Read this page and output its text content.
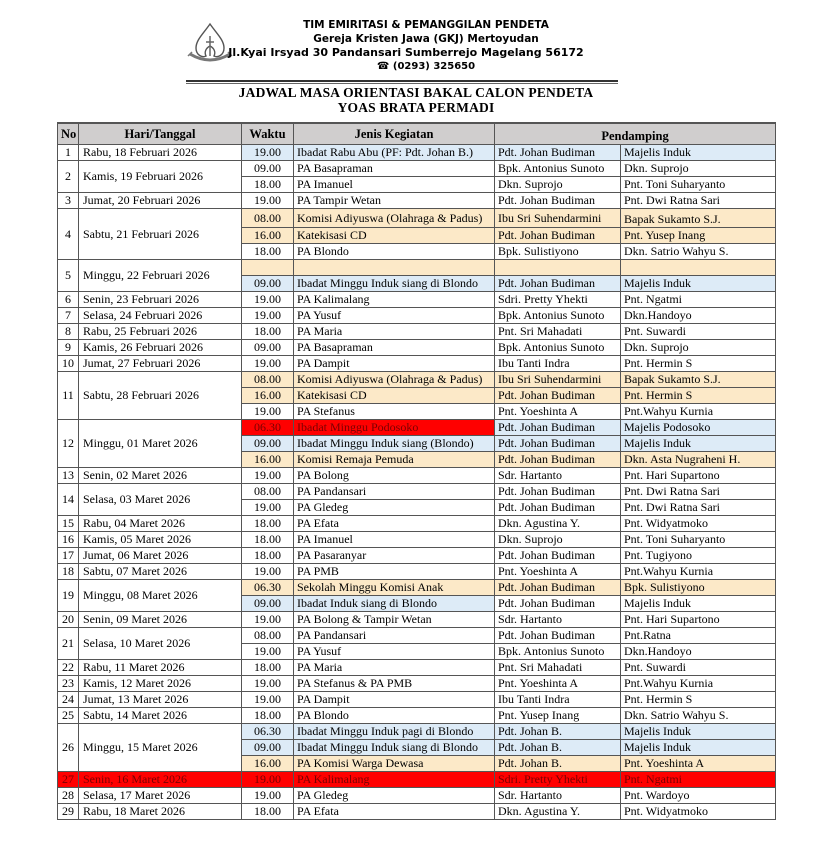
TIM EMIRITASI & PEMANGGILAN PENDETA
Gereja Kristen Jawa (GKJ) Mertoyudan
Jl.Kyai Irsyad 30 Pandansari Sumberrejo Magelang 56172
☎ (0293) 325650
JADWAL MASA ORIENTASI BAKAL CALON PENDETA
YOAS BRATA PERMADI
No	Hari/Tanggal	Waktu	Jenis Kegiatan	Pendamping	
1	Rabu, 18 Februari 2026	19.00	Ibadat Rabu Abu (PF: Pdt. Johan B.)	Pdt. Johan Budiman	Majelis Induk
2	Kamis, 19 Februari 2026	09.00	PA Basapraman	Bpk. Antonius Sunoto	Dkn. Suprojo
		18.00	PA Imanuel	Dkn. Suprojo	Pnt. Toni Suharyanto
3	Jumat, 20 Februari 2026	19.00	PA Tampir Wetan	Pdt. Johan Budiman	Pnt. Dwi Ratna Sari
4	Sabtu, 21 Februari 2026	08.00	Komisi Adiyuswa (Olahraga & Padus)	Ibu Sri Suhendarmini	Bapak Sukamto S.J.
		16.00	Katekisasi CD	Pdt. Johan Budiman	Pnt. Yusep Inang
		18.00	PA Blondo	Bpk. Sulistiyono	Dkn. Satrio Wahyu S.
5	Minggu, 22 Februari 2026				
		09.00	Ibadat Minggu Induk siang di Blondo	Pdt. Johan Budiman	Majelis Induk
6	Senin, 23 Februari 2026	19.00	PA Kalimalang	Sdri. Pretty Yhekti	Pnt. Ngatmi
7	Selasa, 24 Februari 2026	19.00	PA Yusuf	Bpk. Antonius Sunoto	Dkn.Handoyo
8	Rabu, 25 Februari 2026	18.00	PA Maria	Pnt. Sri Mahadati	Pnt. Suwardi
9	Kamis, 26 Februari 2026	09.00	PA Basapraman	Bpk. Antonius Sunoto	Dkn. Suprojo
10	Jumat, 27 Februari 2026	19.00	PA Dampit	Ibu Tanti Indra	Pnt. Hermin S
11	Sabtu, 28 Februari 2026	08.00	Komisi Adiyuswa (Olahraga & Padus)	Ibu Sri Suhendarmini	Bapak Sukamto S.J.
		16.00	Katekisasi CD	Pdt. Johan Budiman	Pnt. Hermin S
		19.00	PA Stefanus	Pnt. Yoeshinta A	Pnt.Wahyu Kurnia
12	Minggu, 01 Maret 2026	06.30	Ibadat Minggu Podosoko	Pdt. Johan Budiman	Majelis Podosoko
		09.00	Ibadat Minggu Induk siang (Blondo)	Pdt. Johan Budiman	Majelis Induk
		16.00	Komisi Remaja Pemuda	Pdt. Johan Budiman	Dkn. Asta Nugraheni H.
13	Senin, 02 Maret 2026	19.00	PA Bolong	Sdr. Hartanto	Pnt. Hari Supartono
14	Selasa, 03 Maret 2026	08.00	PA Pandansari	Pdt. Johan Budiman	Pnt. Dwi Ratna Sari
		19.00	PA Gledeg	Pdt. Johan Budiman	Pnt. Dwi Ratna Sari
15	Rabu, 04 Maret 2026	18.00	PA Efata	Dkn. Agustina Y.	Pnt. Widyatmoko
16	Kamis, 05 Maret 2026	18.00	PA Imanuel	Dkn. Suprojo	Pnt. Toni Suharyanto
17	Jumat, 06 Maret 2026	18.00	PA Pasaranyar	Pdt. Johan Budiman	Pnt. Tugiyono
18	Sabtu, 07 Maret 2026	19.00	PA PMB	Pnt. Yoeshinta A	Pnt.Wahyu Kurnia
19	Minggu, 08 Maret 2026	06.30	Sekolah Minggu Komisi Anak	Pdt. Johan Budiman	Bpk. Sulistiyono
		09.00	Ibadat Induk siang di Blondo	Pdt. Johan Budiman	Majelis Induk
20	Senin, 09 Maret 2026	19.00	PA Bolong & Tampir Wetan	Sdr. Hartanto	Pnt. Hari Supartono
21	Selasa, 10 Maret 2026	08.00	PA Pandansari	Pdt. Johan Budiman	Pnt.Ratna
		19.00	PA Yusuf	Bpk. Antonius Sunoto	Dkn.Handoyo
22	Rabu, 11 Maret 2026	18.00	PA Maria	Pnt. Sri Mahadati	Pnt. Suwardi
23	Kamis, 12 Maret 2026	19.00	PA Stefanus & PA PMB	Pnt. Yoeshinta A	Pnt.Wahyu Kurnia
24	Jumat, 13 Maret 2026	19.00	PA Dampit	Ibu Tanti Indra	Pnt. Hermin S
25	Sabtu, 14 Maret 2026	18.00	PA Blondo	Pnt. Yusep Inang	Dkn. Satrio Wahyu S.
26	Minggu, 15 Maret 2026	06.30	Ibadat Minggu Induk pagi di Blondo	Pdt. Johan B.	Majelis Induk
		09.00	Ibadat Minggu Induk siang di Blondo	Pdt. Johan B.	Majelis Induk
		16.00	PA Komisi Warga Dewasa	Pdt. Johan B.	Pnt. Yoeshinta A
27	Senin, 16 Maret 2026	19.00	PA Kalimalang	Sdri. Pretty Yhekti	Pnt. Ngatmi
28	Selasa, 17 Maret 2026	19.00	PA Gledeg	Sdr. Hartanto	Pnt. Wardoyo
29	Rabu, 18 Maret 2026	18.00	PA Efata	Dkn. Agustina Y.	Pnt. Widyatmoko
